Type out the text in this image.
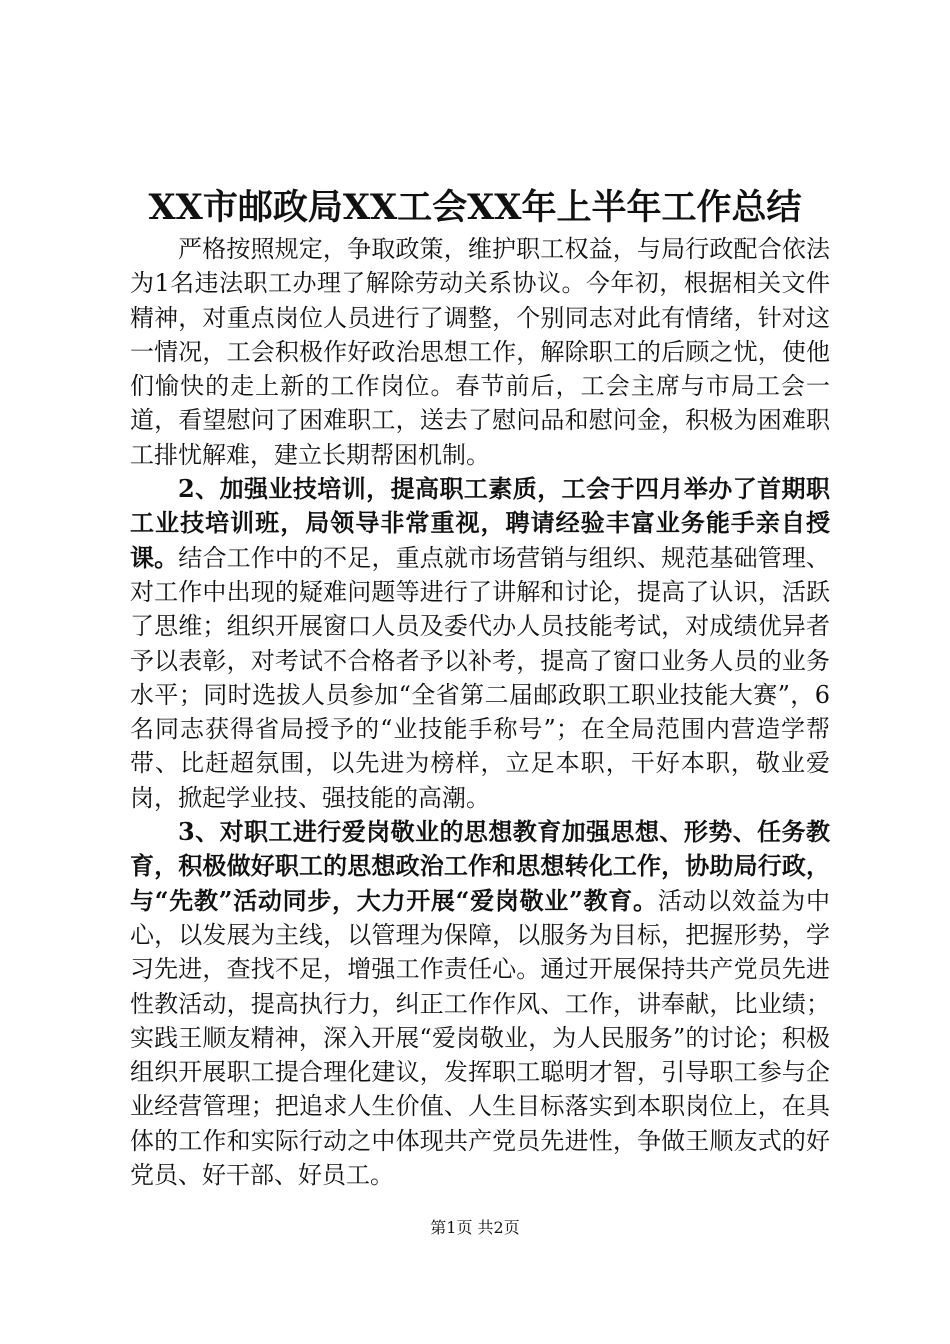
XX市邮政局XX工会XX年上半年工作总结

严格按照规定，争取政策，维护职工权益，与局行政配合依法为1名违法职工办理了解除劳动关系协议。今年初，根据相关文件精神，对重点岗位人员进行了调整，个别同志对此有情绪，针对这一情况，工会积极作好政治思想工作，解除职工的后顾之忧，使他们愉快的走上新的工作岗位。春节前后，工会主席与市局工会一道，看望慰问了困难职工，送去了慰问品和慰问金，积极为困难职工排忧解难，建立长期帮困机制。

2、加强业技培训，提高职工素质，工会于四月举办了首期职工业技培训班，局领导非常重视，聘请经验丰富业务能手亲自授课。结合工作中的不足，重点就市场营销与组织、规范基础管理、对工作中出现的疑难问题等进行了讲解和讨论，提高了认识，活跃了思维；组织开展窗口人员及委代办人员技能考试，对成绩优异者予以表彰，对考试不合格者予以补考，提高了窗口业务人员的业务水平；同时选拔人员参加“全省第二届邮政职工职业技能大赛”，6名同志获得省局授予的“业技能手称号”；在全局范围内营造学帮带、比赶超氛围，以先进为榜样，立足本职，干好本职，敬业爱岗，掀起学业技、强技能的高潮。

3、对职工进行爱岗敬业的思想教育加强思想、形势、任务教育，积极做好职工的思想政治工作和思想转化工作，协助局行政，与“先教”活动同步，大力开展“爱岗敬业”教育。活动以效益为中心，以发展为主线，以管理为保障，以服务为目标，把握形势，学习先进，查找不足，增强工作责任心。通过开展保持共产党员先进性教活动，提高执行力，纠正工作作风、工作，讲奉献，比业绩；实践王顺友精神，深入开展“爱岗敬业，为人民服务”的讨论；积极组织开展职工提合理化建议，发挥职工聪明才智，引导职工参与企业经营管理；把追求人生价值、人生目标落实到本职岗位上，在具体的工作和实际行动之中体现共产党员先进性，争做王顺友式的好党员、好干部、好员工。

第1页 共2页
